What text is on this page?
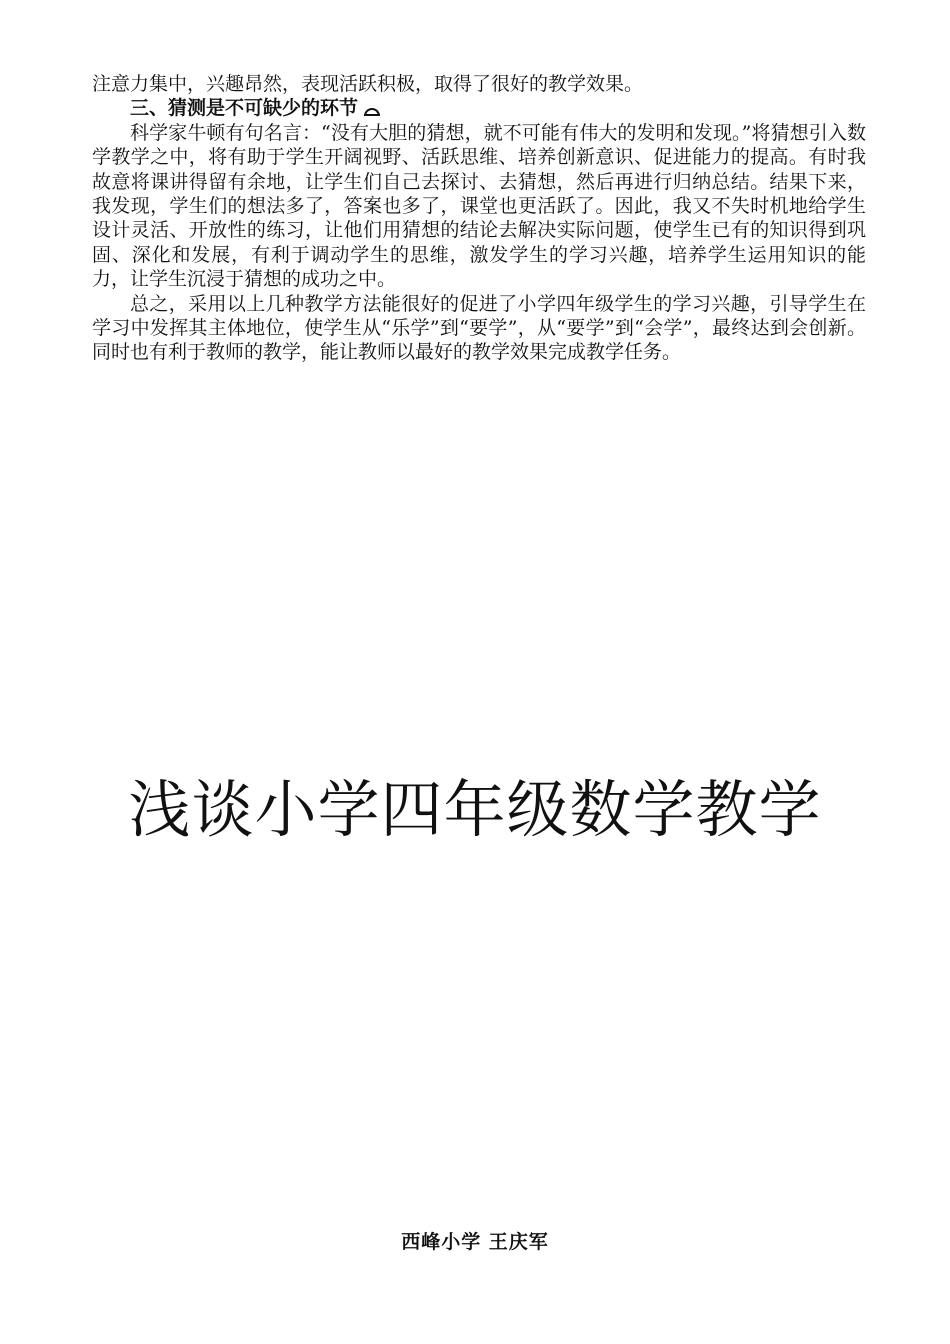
注意力集中，兴趣昂然，表现活跃积极，取得了很好的教学效果。

三、猜测是不可缺少的环节

科学家牛顿有句名言：“没有大胆的猜想，就不可能有伟大的发明和发现。”将猜想引入数学教学之中，将有助于学生开阔视野、活跃思维、培养创新意识、促进能力的提高。有时我故意将课讲得留有余地，让学生们自己去探讨、去猜想，然后再进行归纳总结。结果下来，我发现，学生们的想法多了，答案也多了，课堂也更活跃了。因此，我又不失时机地给学生设计灵活、开放性的练习，让他们用猜想的结论去解决实际问题，使学生已有的知识得到巩固、深化和发展，有利于调动学生的思维，激发学生的学习兴趣，培养学生运用知识的能力，让学生沉浸于猜想的成功之中。

总之，采用以上几种教学方法能很好的促进了小学四年级学生的学习兴趣，引导学生在学习中发挥其主体地位，使学生从“乐学”到“要学”，从“要学”到“会学”，最终达到会创新。同时也有利于教师的教学，能让教师以最好的教学效果完成教学任务。

浅谈小学四年级数学教学
西峰小学 王庆军
